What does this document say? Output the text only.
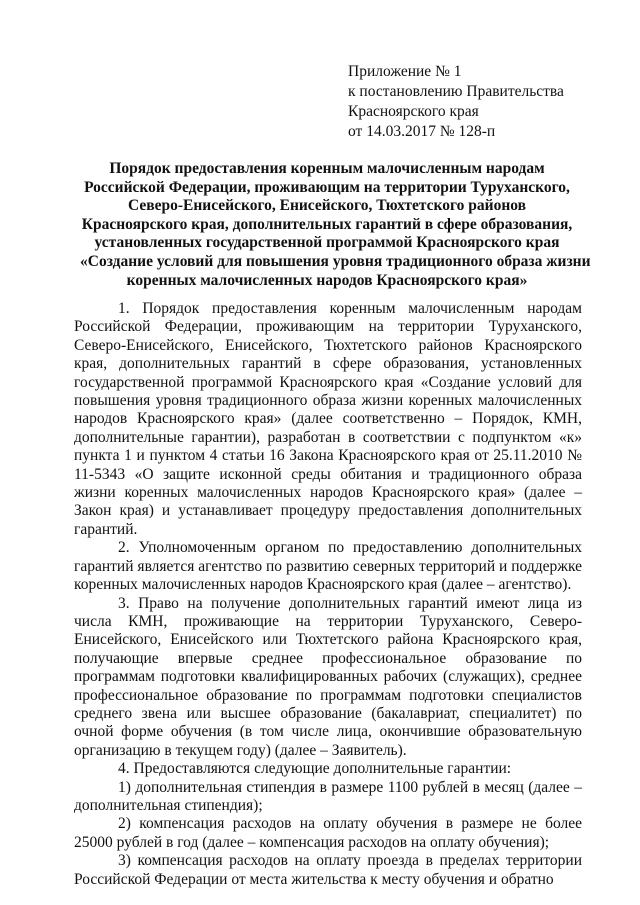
Приложение № 1
к постановлению Правительства
Красноярского края
от 14.03.2017 № 128-п
Порядок предоставления коренным малочисленным народам
Российской Федерации, проживающим на территории Туруханского,
Северо-Енисейского, Енисейского, Тюхтетского районов
Красноярского края, дополнительных гарантий в сфере образования,
установленных государственной программой Красноярского края
«Создание условий для повышения уровня традиционного образа жизни
коренных малочисленных народов Красноярского края»

1. Порядок предоставления коренным малочисленным народам Российской Федерации, проживающим на территории Туруханского, Северо-Енисейского, Енисейского, Тюхтетского районов Красноярского края, дополнительных гарантий в сфере образования, установленных государственной программой Красноярского края «Создание условий для повышения уровня традиционного образа жизни коренных малочисленных народов Красноярского края» (далее соответственно – Порядок, КМН, дополнительные гарантии), разработан в соответствии с подпунктом «к» пункта 1 и пунктом 4 статьи 16 Закона Красноярского края от 25.11.2010 № 11-5343 «О защите исконной среды обитания и традиционного образа жизни коренных малочисленных народов Красноярского края» (далее – Закон края) и устанавливает процедуру предоставления дополнительных гарантий.

2. Уполномоченным органом по предоставлению дополнительных гарантий является агентство по развитию северных территорий и поддержке коренных малочисленных народов Красноярского края (далее – агентство).

3. Право на получение дополнительных гарантий имеют лица из числа КМН, проживающие на территории Туруханского, Северо-Енисейского, Енисейского или Тюхтетского района Красноярского края, получающие впервые среднее профессиональное образование по программам подготовки квалифицированных рабочих (служащих), среднее профессиональное образование по программам подготовки специалистов среднего звена или высшее образование (бакалавриат, специалитет) по очной форме обучения (в том числе лица, окончившие образовательную организацию в текущем году) (далее – Заявитель).

4. Предоставляются следующие дополнительные гарантии:

1) дополнительная стипендия в размере 1100 рублей в месяц (далее – дополнительная стипендия);

2) компенсация расходов на оплату обучения в размере не более 25000 рублей в год (далее – компенсация расходов на оплату обучения);

3) компенсация расходов на оплату проезда в пределах территории Российской Федерации от места жительства к месту обучения и обратно
